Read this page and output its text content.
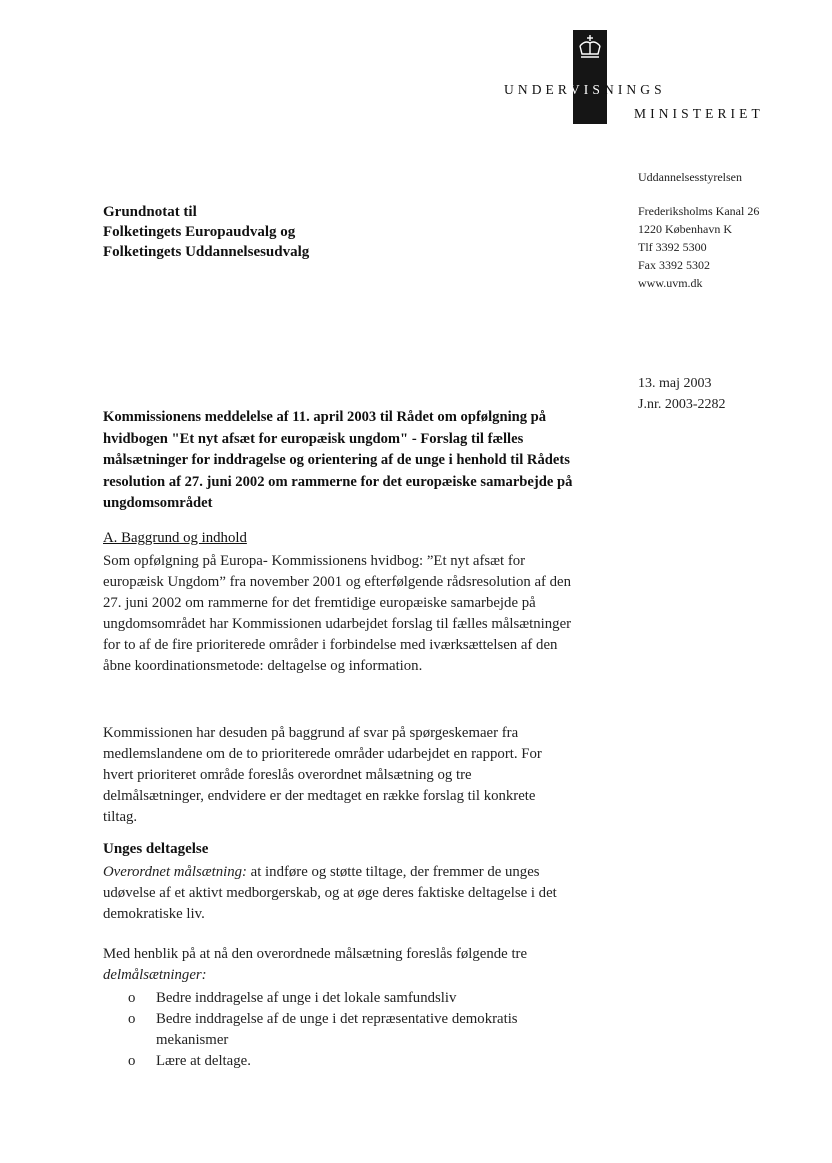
UNDERVISNINGS
MINISTERIET
Uddannelsesstyrelsen
Frederiksholms Kanal 26
1220 København K
Tlf 3392 5300
Fax 3392 5302
www.uvm.dk
13. maj 2003
J.nr. 2003-2282
Grundnotat til
Folketingets Europaudvalg og
Folketingets Uddannelsesudvalg

Kommissionens meddelelse af 11. april 2003 til Rådet om opfølgning på hvidbogen "Et nyt afsæt for europæisk ungdom" - Forslag til fælles målsætninger for inddragelse og orientering af de unge i henhold til Rådets resolution af 27. juni 2002 om rammerne for det europæiske samarbejde på ungdomsområdet

A. Baggrund og indhold

Som opfølgning på Europa- Kommissionens hvidbog: ”Et nyt afsæt for europæisk Ungdom” fra november 2001 og efterfølgende rådsresolution af den 27. juni 2002 om rammerne for det fremtidige europæiske samarbejde på ungdomsområdet har Kommissionen udarbejdet forslag til fælles målsætninger for to af de fire prioriterede områder i forbindelse med iværksættelsen af den åbne koordinationsmetode: deltagelse og information.

Kommissionen har desuden på baggrund af svar på spørgeskemaer fra medlemslandene om de to prioriterede områder udarbejdet en rapport. For hvert prioriteret område foreslås overordnet målsætning og tre delmålsætninger, endvidere er der medtaget en række forslag til konkrete tiltag.

Unges deltagelse

Overordnet målsætning: at indføre og støtte tiltage, der fremmer de unges udøvelse af et aktivt medborgerskab, og at øge deres faktiske deltagelse i det demokratiske liv.

Med henblik på at nå den overordnede målsætning foreslås følgende tre delmålsætninger:

o Bedre inddragelse af unge i det lokale samfundsliv
o Bedre inddragelse af de unge i det repræsentative demokratis mekanismer
o Lære at deltage.
